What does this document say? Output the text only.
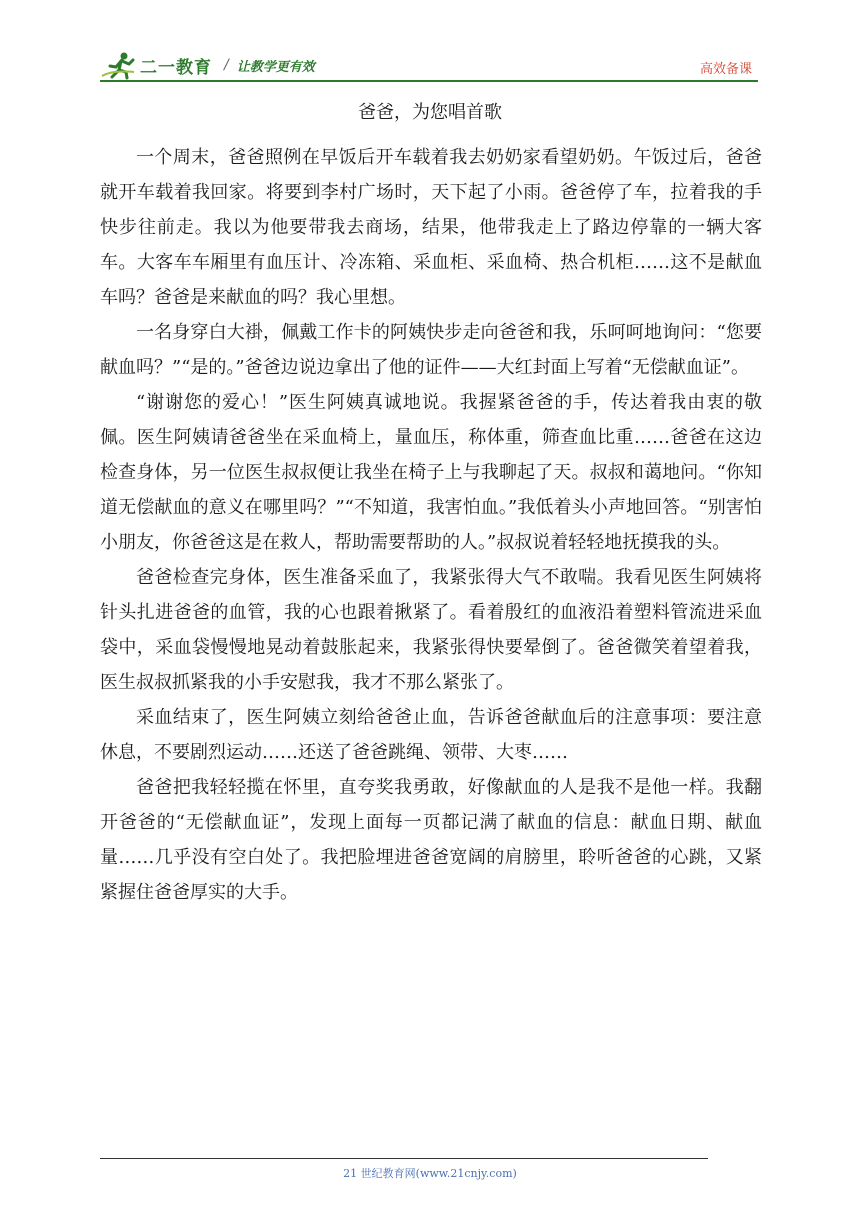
二一教育 / 让教学更有效	高效备课
爸爸，为您唱首歌

一个周末，爸爸照例在早饭后开车载着我去奶奶家看望奶奶。午饭过后，爸爸就开车载着我回家。将要到李村广场时，天下起了小雨。爸爸停了车，拉着我的手快步往前走。我以为他要带我去商场，结果，他带我走上了路边停靠的一辆大客车。大客车车厢里有血压计、冷冻箱、采血柜、采血椅、热合机柜……这不是献血车吗？爸爸是来献血的吗？我心里想。

一名身穿白大褂，佩戴工作卡的阿姨快步走向爸爸和我，乐呵呵地询问：“您要献血吗？”“是的。”爸爸边说边拿出了他的证件——大红封面上写着“无偿献血证”。

“谢谢您的爱心！”医生阿姨真诚地说。我握紧爸爸的手，传达着我由衷的敬佩。医生阿姨请爸爸坐在采血椅上，量血压，称体重，筛查血比重……爸爸在这边检查身体，另一位医生叔叔便让我坐在椅子上与我聊起了天。叔叔和蔼地问。“你知道无偿献血的意义在哪里吗？”“不知道，我害怕血。”我低着头小声地回答。“别害怕小朋友，你爸爸这是在救人，帮助需要帮助的人。”叔叔说着轻轻地抚摸我的头。

爸爸检查完身体，医生准备采血了，我紧张得大气不敢喘。我看见医生阿姨将针头扎进爸爸的血管，我的心也跟着揪紧了。看着殷红的血液沿着塑料管流进采血袋中，采血袋慢慢地晃动着鼓胀起来，我紧张得快要晕倒了。爸爸微笑着望着我，医生叔叔抓紧我的小手安慰我，我才不那么紧张了。

采血结束了，医生阿姨立刻给爸爸止血，告诉爸爸献血后的注意事项：要注意休息，不要剧烈运动……还送了爸爸跳绳、领带、大枣……

爸爸把我轻轻揽在怀里，直夸奖我勇敢，好像献血的人是我不是他一样。我翻开爸爸的“无偿献血证”，发现上面每一页都记满了献血的信息：献血日期、献血量……几乎没有空白处了。我把脸埋进爸爸宽阔的肩膀里，聆听爸爸的心跳，又紧紧握住爸爸厚实的大手。

21 世纪教育网(www.21cnjy.com)
